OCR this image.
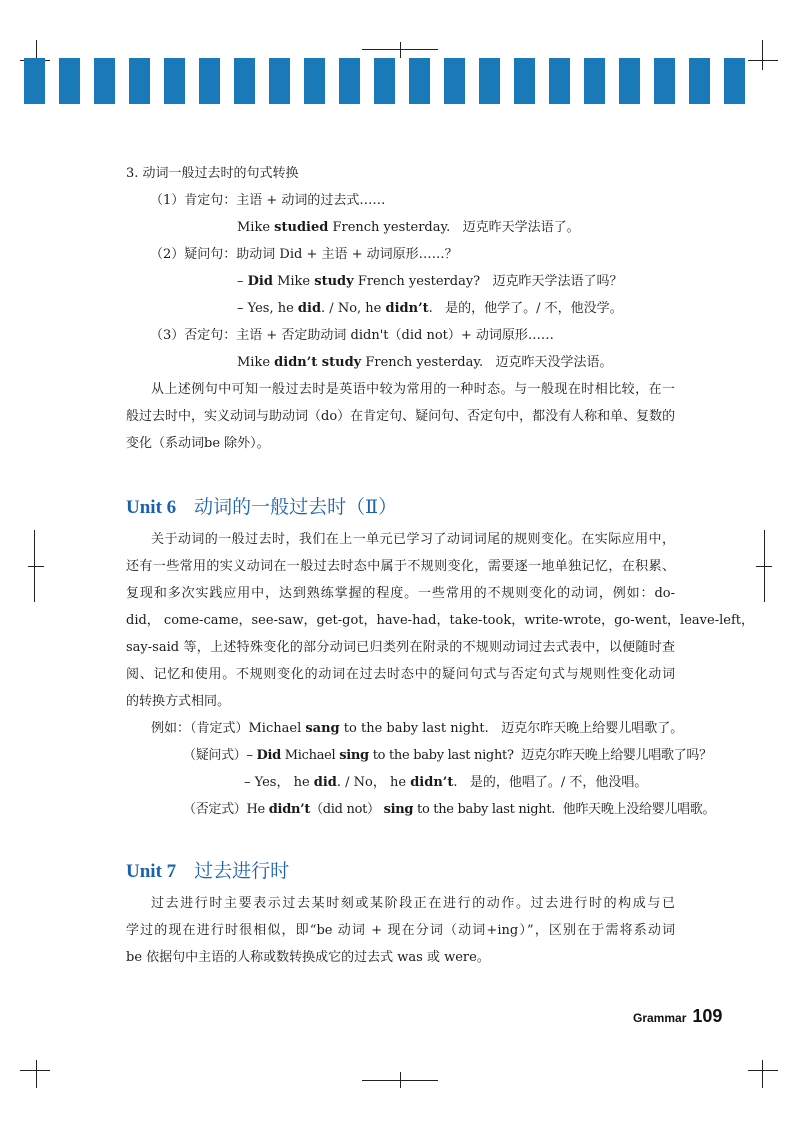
3. 动词一般过去时的句式转换
（1）肯定句：主语 + 动词的过去式……
Mike studied French yesterday. 迈克昨天学法语了。
（2）疑问句：助动词 Did + 主语 + 动词原形……？
– Did Mike study French yesterday? 迈克昨天学法语了吗？
– Yes, he did. / No, he didn’t. 是的，他学了。/ 不，他没学。
（3）否定句：主语 + 否定助动词 didn't（did not）+ 动词原形……
Mike didn’t study French yesterday. 迈克昨天没学法语。
从上述例句中可知一般过去时是英语中较为常用的一种时态。与一般现在时相比较，在一
般过去时中，实义动词与助动词（do）在肯定句、疑问句、否定句中，都没有人称和单、复数的
变化（系动词be 除外）。
Unit 6 动词的一般过去时（Ⅱ）
关于动词的一般过去时，我们在上一单元已学习了动词词尾的规则变化。在实际应用中，
还有一些常用的实义动词在一般过去时态中属于不规则变化，需要逐一地单独记忆，在积累、
复现和多次实践应用中，达到熟练掌握的程度。一些常用的不规则变化的动词，例如：do-
did， come-came，see-saw，get-got，have-had，take-took，write-wrote，go-went，leave-left，
say-said 等，上述特殊变化的部分动词已归类列在附录的不规则动词过去式表中，以便随时查
阅、记忆和使用。不规则变化的动词在过去时态中的疑问句式与否定句式与规则性变化动词
的转换方式相同。
例如：（肯定式）Michael sang to the baby last night. 迈克尔昨天晚上给婴儿唱歌了。
（疑问式）– Did Michael sing to the baby last night? 迈克尔昨天晚上给婴儿唱歌了吗？
– Yes， he did. / No， he didn’t. 是的，他唱了。/ 不，他没唱。
（否定式）He didn’t（did not） sing to the baby last night. 他昨天晚上没给婴儿唱歌。
Unit 7 过去进行时
过去进行时主要表示过去某时刻或某阶段正在进行的动作。过去进行时的构成与已
学过的现在进行时很相似，即“be 动词 + 现在分词（动词+ing）”，区别在于需将系动词
be 依据句中主语的人称或数转换成它的过去式 was 或 were。
Grammar 109
